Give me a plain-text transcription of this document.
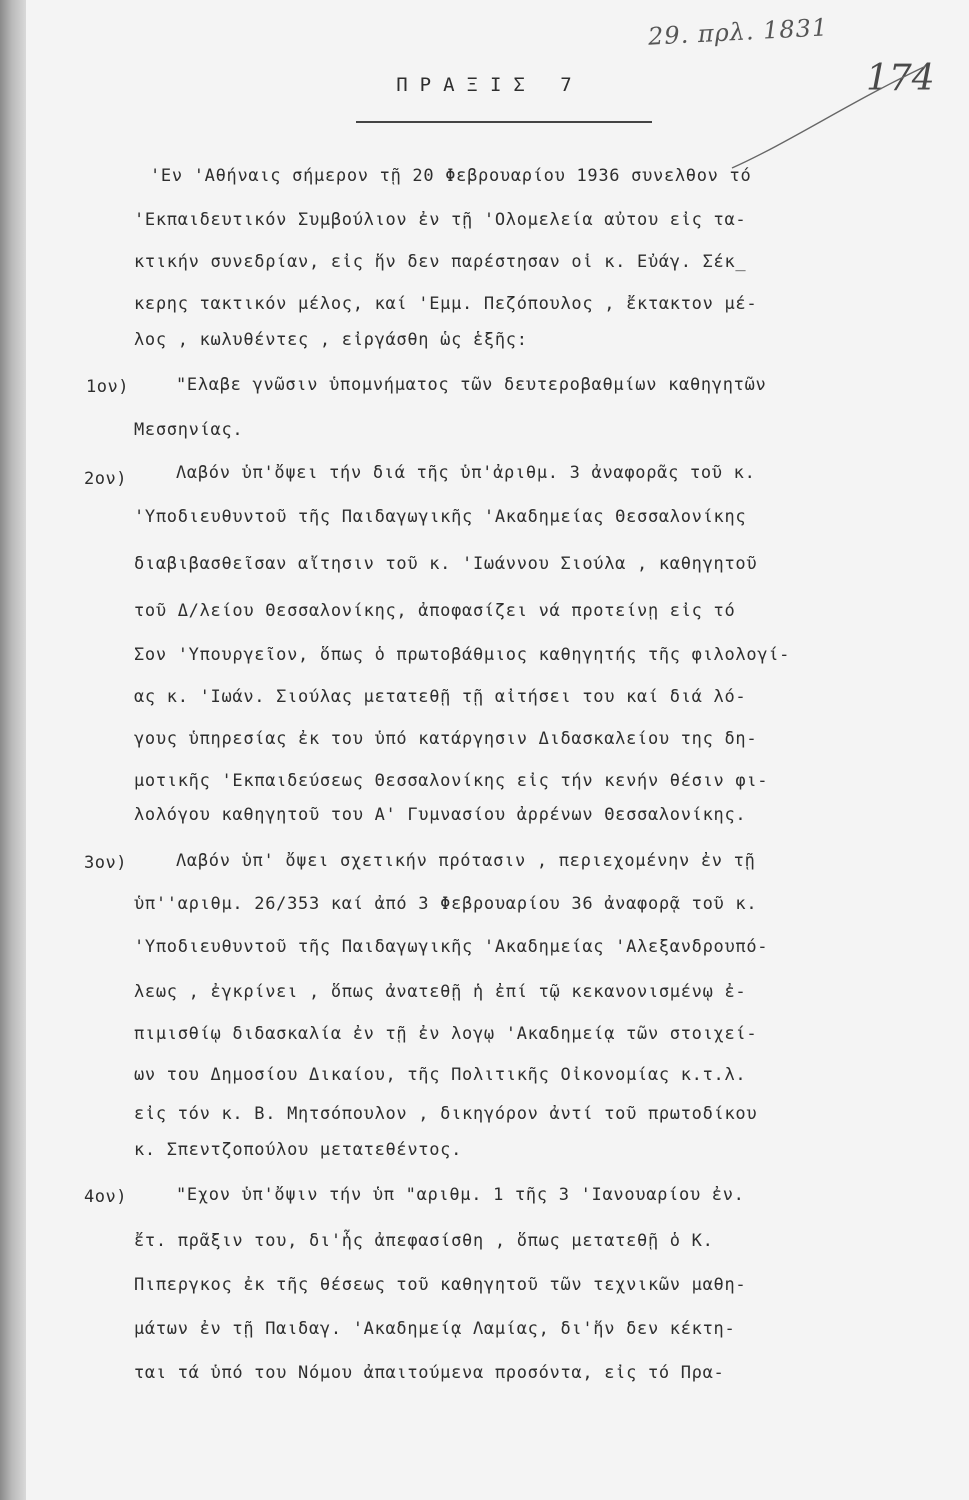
29. πρλ. 1831
174
ΠΡΑΞΙΣ 7
'Εν 'Αθήναις σήμερον τῇ 20 Φεβρουαρίου 1936 συνελθον τό
'Εκπαιδευτικόν Συμβούλιον ἐν τῇ 'Ολομελεία αὐτου εἰς τα-
κτικήν συνεδρίαν, εἰς ἥν δεν παρέστησαν οἱ κ. Εὐάγ. Σέκ_
κερης τακτικόν μέλος, καί 'Εμμ. Πεζόπουλος , ἔκτακτον μέ-
λος , κωλυθέντες , εἰργάσθη ὡς ἑξῆς:
1ον)	"Ελαβε γνῶσιν ὑπομνήματος τῶν δευτεροβαθμίων καθηγητῶν
Μεσσηνίας.
2ον)	Λαβόν ὑπ'ὄψει τήν διά τῆς ὑπ'ἀριθμ. 3 ἀναφορᾶς τοῦ κ.
'Υποδιευθυντοῦ τῆς Παιδαγωγικῆς 'Ακαδημείας Θεσσαλονίκης
διαβιβασθεῖσαν αἴτησιν τοῦ κ. 'Ιωάννου Σιούλα , καθηγητοῦ
τοῦ Δ/λείου Θεσσαλονίκης, ἀποφασίζει νά προτείνῃ εἰς τό
Σον 'Υπουργεῖον, ὅπως ὁ πρωτοβάθμιος καθηγητής τῆς φιλολογί-
ας κ. 'Ιωάν. Σιούλας μετατεθῇ τῇ αἰτήσει του καί διά λό-
γους ὑπηρεσίας ἐκ του ὑπό κατάργησιν Διδασκαλείου της δη-
μοτικῆς 'Εκπαιδεύσεως Θεσσαλονίκης εἰς τήν κενήν θέσιν φι-
λολόγου καθηγητοῦ του Α' Γυμνασίου ἀρρένων Θεσσαλονίκης.
3ον)	Λαβόν ὑπ' ὄψει σχετικήν πρότασιν , περιεχομένην ἐν τῇ
ὑπ''αριθμ. 26/353 καί ἀπό 3 Φεβρουαρίου 36 ἀναφορᾷ τοῦ κ.
'Υποδιευθυντοῦ τῆς Παιδαγωγικῆς 'Ακαδημείας 'Αλεξανδρουπό-
λεως , ἐγκρίνει , ὅπως ἀνατεθῇ ἡ ἐπί τῷ κεκανονισμένῳ ἐ-
πιμισθίῳ διδασκαλία ἐν τῇ ἐν λογῳ 'Ακαδημείᾳ τῶν στοιχεί-
ων του Δημοσίου Δικαίου, τῆς Πολιτικῆς Οἰκονομίας κ.τ.λ.
εἰς τόν κ. Β. Μητσόπουλον , δικηγόρον ἀντί τοῦ πρωτοδίκου
κ. Σπεντζοπούλου μετατεθέντος.
4ον)	"Εχον ὑπ'ὄψιν τήν ὑπ "αριθμ. 1 τῆς 3 'Ιανουαρίου ἐν.
ἔτ. πρᾶξιν του, δι'ἧς ἀπεφασίσθη , ὅπως μετατεθῇ ὁ Κ.
Πιπεργκος ἐκ τῆς θέσεως τοῦ καθηγητοῦ τῶν τεχνικῶν μαθη-
μάτων ἐν τῇ Παιδαγ. 'Ακαδημείᾳ Λαμίας, δι'ἥν δεν κέκτη-
ται τά ὑπό του Νόμου ἀπαιτούμενα προσόντα, εἰς τό Πρα-
